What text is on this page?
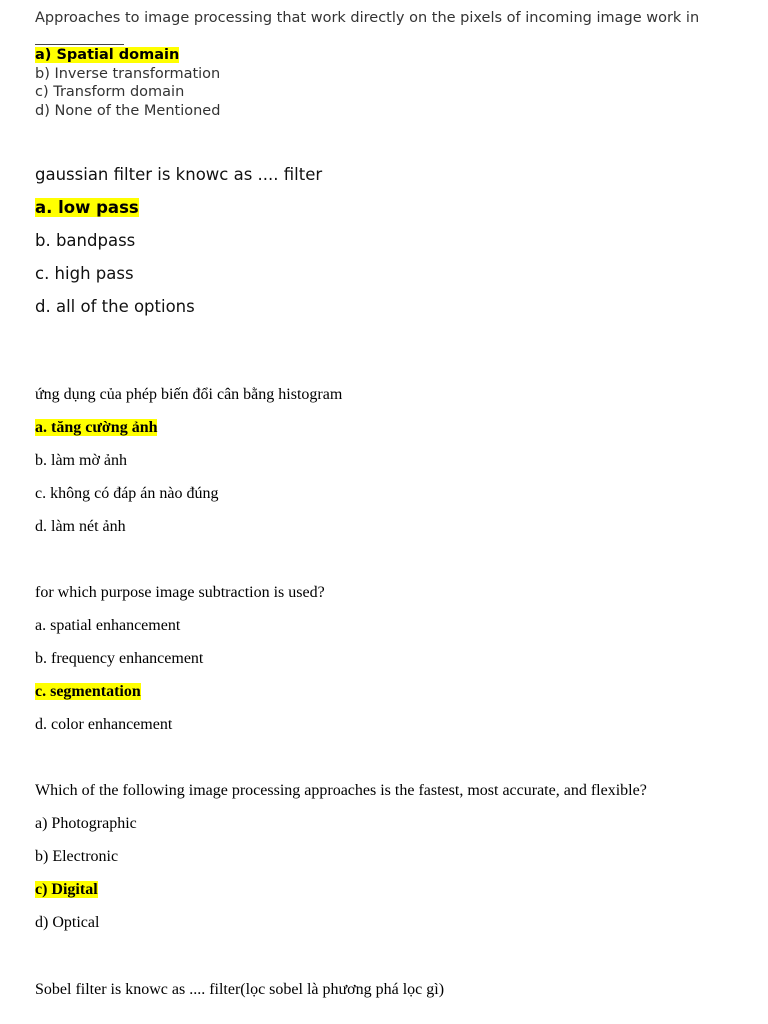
Approaches to image processing that work directly on the pixels of incoming image work in
a) Spatial domain
b) Inverse transformation
c) Transform domain
d) None of the Mentioned
gaussian filter is knowc as .... filter
a. low pass
b. bandpass
c. high pass
d. all of the options
ứng dụng của phép biến đổi cân bằng histogram
a. tăng cường ảnh
b. làm mờ ảnh
c. không có đáp án nào đúng
d. làm nét ảnh
for which purpose image subtraction is used?
a. spatial enhancement
b. frequency enhancement
c. segmentation
d. color enhancement
Which of the following image processing approaches is the fastest, most accurate, and flexible?
a) Photographic
b) Electronic
c) Digital
d) Optical
Sobel filter is knowc as .... filter(lọc sobel là phương phá lọc gì)
